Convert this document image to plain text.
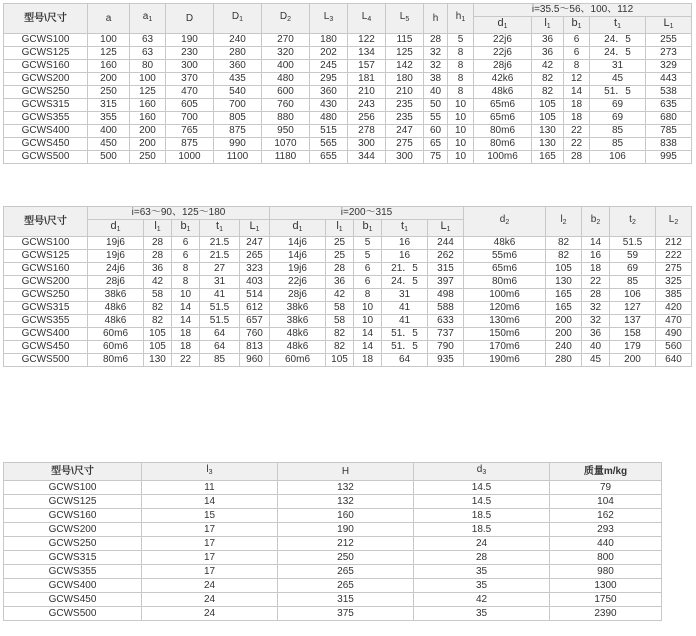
型号\尺寸	a	$a_1$	D	$D_1$	$D_2$	$L_3$	$L_4$	$L_5$	h	$h_1$	i=35.5～56、100、112				
											$d_1$	$l_1$	$b_1$	$t_1$	$L_1$
GCWS100	100	63	190	240	270	180	122	115	28	5	22j6	36	6	24．5	255
GCWS125	125	63	230	280	320	202	134	125	32	8	22j6	36	6	24．5	273
GCWS160	160	80	300	360	400	245	157	142	32	8	28j6	42	8	31	329
GCWS200	200	100	370	435	480	295	181	180	38	8	42k6	82	12	45	443
GCWS250	250	125	470	540	600	360	210	210	40	8	48k6	82	14	51．5	538
GCWS315	315	160	605	700	760	430	243	235	50	10	65m6	105	18	69	635
GCWS355	355	160	700	805	880	480	256	235	55	10	65m6	105	18	69	680
GCWS400	400	200	765	875	950	515	278	247	60	10	80m6	130	22	85	785
GCWS450	450	200	875	990	1070	565	300	275	65	10	80m6	130	22	85	838
GCWS500	500	250	1000	1100	1180	655	344	300	75	10	100m6	165	28	106	995
型号\尺寸	i=63～90、125～180					i=200～315					$d_2$	$l_2$	$b_2$	$t_2$	$L_2$
	$d_1$	$l_1$	$b_1$	$t_1$	$L_1$	$d_1$	$l_1$	$b_1$	$t_1$	$L_1$
GCWS100	19j6	28	6	21.5	247	14j6	25	5	16	244	48k6	82	14	51.5	212
GCWS125	19j6	28	6	21.5	265	14j6	25	5	16	262	55m6	82	16	59	222
GCWS160	24j6	36	8	27	323	19j6	28	6	21．5	315	65m6	105	18	69	275
GCWS200	28j6	42	8	31	403	22j6	36	6	24．5	397	80m6	130	22	85	325
GCWS250	38k6	58	10	41	514	28j6	42	8	31	498	100m6	165	28	106	385
GCWS315	48k6	82	14	51.5	612	38k6	58	10	41	588	120m6	165	32	127	420
GCWS355	48k6	82	14	51.5	657	38k6	58	10	41	633	130m6	200	32	137	470
GCWS400	60m6	105	18	64	760	48k6	82	14	51．5	737	150m6	200	36	158	490
GCWS450	60m6	105	18	64	813	48k6	82	14	51．5	790	170m6	240	40	179	560
GCWS500	80m6	130	22	85	960	60m6	105	18	64	935	190m6	280	45	200	640
型号\尺寸	$l_3$	H	$d_3$	质量m/kg
GCWS100	11	132	14.5	79
GCWS125	14	132	14.5	104
GCWS160	15	160	18.5	162
GCWS200	17	190	18.5	293
GCWS250	17	212	24	440
GCWS315	17	250	28	800
GCWS355	17	265	35	980
GCWS400	24	265	35	1300
GCWS450	24	315	42	1750
GCWS500	24	375	35	2390
